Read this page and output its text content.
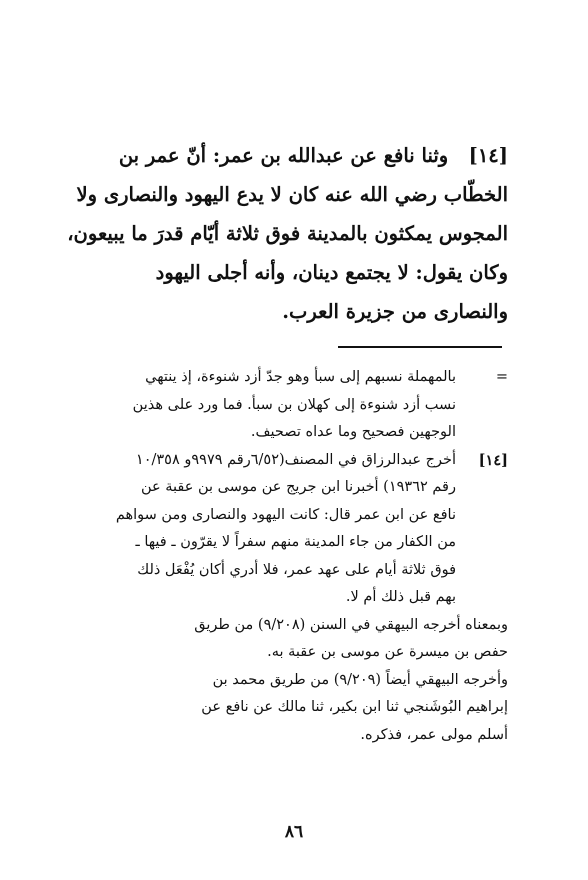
[١٤]   وثنا نافع عن عبدالله بن عمر: أنّ عمر بن

الخطّاب رضي الله عنه كان لا يدع اليهود والنصارى ولا

المجوس يمكثون بالمدينة فوق ثلاثة أيّام قدرَ ما يبيعون،

وكان يقول: لا يجتمع دينان، وأنه أجلى اليهود

والنصارى من جزيرة العرب.

=

بالمهملة نسبهم إلى سبأ وهو جدّ أزد شنوءة، إذ ينتهي

نسب أزد شنوءة إلى كهلان بن سبأ. فما ورد على هذين

الوجهين فصحيح وما عداه تصحيف.

[١٤]

أخرج عبدالرزاق في المصنف(٦/٥٢رقم ٩٩٧٩و ١٠/٣٥٨

رقم ١٩٣٦٢) أخبرنا ابن جريج عن موسى بن عقبة عن

نافع عن ابن عمر قال: كانت اليهود والنصارى ومن سواهم

من الكفار من جاء المدينة منهم سفراً لا يقرّون ـ فيها ـ

فوق ثلاثة أيام على عهد عمر، فلا أدري أكان يُفْعَل ذلك

بهم قبل ذلك أم لا.

وبمعناه أخرجه البيهقي في السنن (٩/٢٠٨) من طريق

حفص بن ميسرة عن موسى بن عقبة به.

وأخرجه البيهقي أيضاً (٩/٢٠٩) من طريق محمد بن

إبراهيم البُوشَنجي ثنا ابن بكير، ثنا مالك عن نافع عن

أسلم مولى عمر، فذكره.

٨٦
